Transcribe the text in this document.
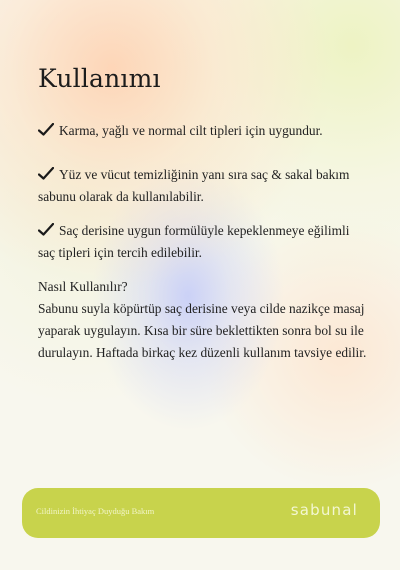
Kullanımı

Karma, yağlı ve normal cilt tipleri için uygundur.

Yüz ve vücut temizliğinin yanı sıra saç & sakal bakım sabunu olarak da kullanılabilir.

Saç derisine uygun formülüyle kepeklenmeye eğilimli saç tipleri için tercih edilebilir.

Nasıl Kullanılır?
Sabunu suyla köpürtüp saç derisine veya cilde nazikçe masaj yaparak uygulayın. Kısa bir süre beklettikten sonra bol su ile durulayın. Haftada birkaç kez düzenli kullanım tavsiye edilir.

Cildinizin İhtiyaç Duyduğu Bakım	sabunal
